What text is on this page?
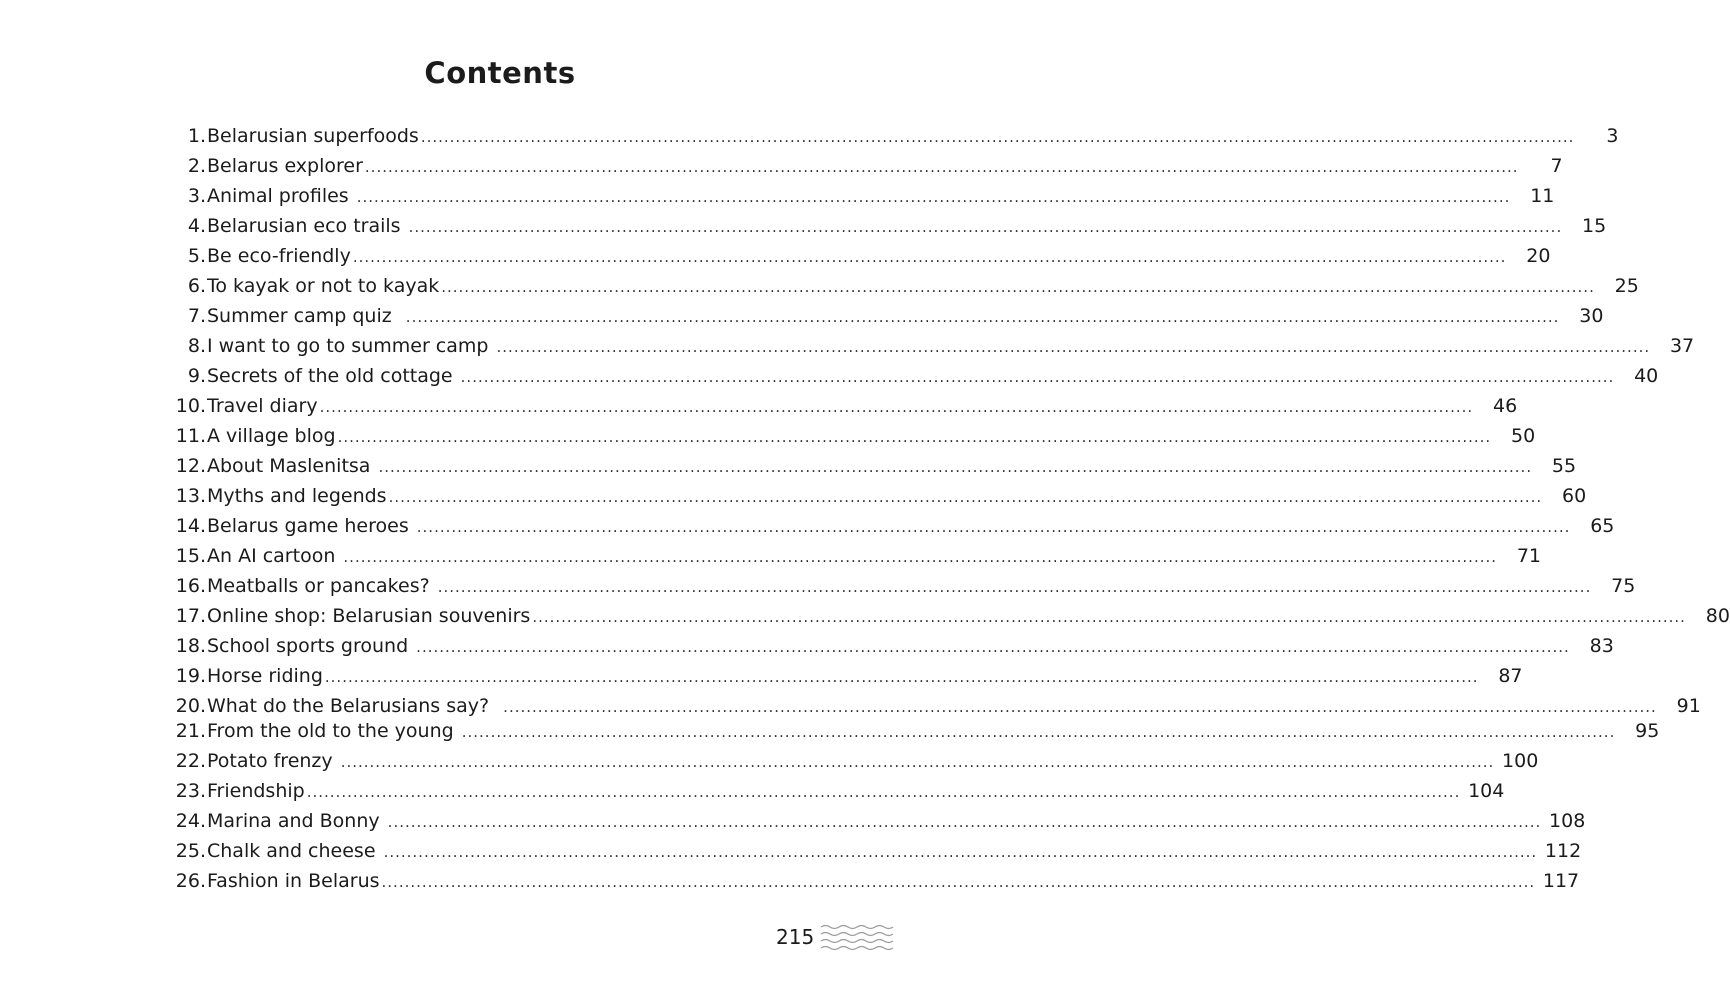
Contents
1. Belarusian superfoods ........................................................................................................................................................................................................	3
2. Belarus explorer ........................................................................................................................................................................................................	7
3. Animal profiles ........................................................................................................................................................................................................	11
4. Belarusian eco trails ........................................................................................................................................................................................................	15
5. Be eco-friendly ........................................................................................................................................................................................................	20
6. To kayak or not to kayak ........................................................................................................................................................................................................	25
7. Summer camp quiz ........................................................................................................................................................................................................	30
8. I want to go to summer camp ........................................................................................................................................................................................................	37
9. Secrets of the old cottage ........................................................................................................................................................................................................	40
10. Travel diary ........................................................................................................................................................................................................	46
11. A village blog ........................................................................................................................................................................................................	50
12. About Maslenitsa ........................................................................................................................................................................................................	55
13. Myths and legends ........................................................................................................................................................................................................	60
14. Belarus game heroes ........................................................................................................................................................................................................	65
15. An AI cartoon ........................................................................................................................................................................................................	71
16. Meatballs or pancakes? ........................................................................................................................................................................................................	75
17. Online shop: Belarusian souvenirs ........................................................................................................................................................................................................	80
18. School sports ground ........................................................................................................................................................................................................	83
19. Horse riding ........................................................................................................................................................................................................	87
20. What do the Belarusians say? ........................................................................................................................................................................................................	91
21. From the old to the young ........................................................................................................................................................................................................	95
22. Potato frenzy ........................................................................................................................................................................................................ 100
23. Friendship ........................................................................................................................................................................................................ 104
24. Marina and Bonny ........................................................................................................................................................................................................ 108
25. Chalk and cheese ........................................................................................................................................................................................................ 112
26. Fashion in Belarus ........................................................................................................................................................................................................ 117
215
